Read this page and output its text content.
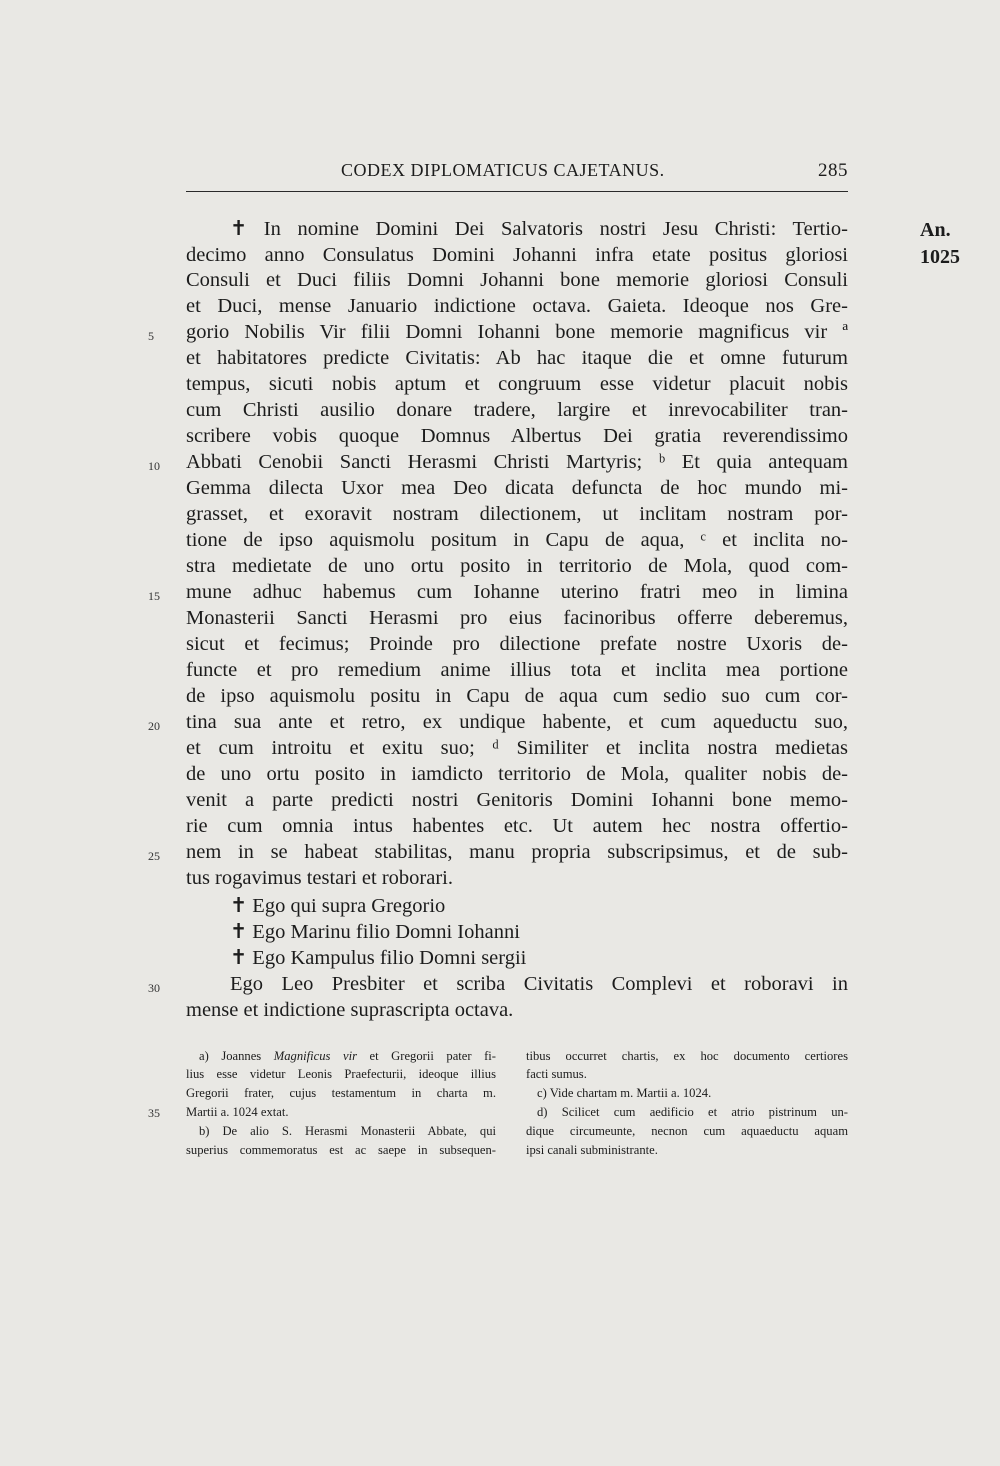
CODEX DIPLOMATICUS CAJETANUS.	285
An.
1025
✝ In nomine Domini Dei Salvatoris nostri Jesu Christi: Tertio-
decimo anno Consulatus Domini Johanni infra etate positus gloriosi
Consuli et Duci filiis Domni Johanni bone memorie gloriosi Consuli
et Duci, mense Januario indictione octava. Gaieta. Ideoque nos Gre-
gorio Nobilis Vir filii Domni Iohanni bone memorie magnificus vir ª
et habitatores predicte Civitatis: Ab hac itaque die et omne futurum
tempus, sicuti nobis aptum et congruum esse videtur placuit nobis
cum Christi ausilio donare tradere, largire et inrevocabiliter tran-
scribere vobis quoque Domnus Albertus Dei gratia reverendissimo
Abbati Cenobii Sancti Herasmi Christi Martyris; ᵇ Et quia antequam
Gemma dilecta Uxor mea Deo dicata defuncta de hoc mundo mi-
grasset, et exoravit nostram dilectionem, ut inclitam nostram por-
tione de ipso aquismolu positum in Capu de aqua, ᶜ et inclita no-
stra medietate de uno ortu posito in territorio de Mola, quod com-
mune adhuc habemus cum Iohanne uterino fratri meo in limina
Monasterii Sancti Herasmi pro eius facinoribus offerre deberemus,
sicut et fecimus; Proinde pro dilectione prefate nostre Uxoris de-
functe et pro remedium anime illius tota et inclita mea portione
de ipso aquismolu positu in Capu de aqua cum sedio suo cum cor-
tina sua ante et retro, ex undique habente, et cum aqueductu suo,
et cum introitu et exitu suo; ᵈ Similiter et inclita nostra medietas
de uno ortu posito in iamdicto territorio de Mola, qualiter nobis de-
venit a parte predicti nostri Genitoris Domini Iohanni bone memo-
rie cum omnia intus habentes etc. Ut autem hec nostra offertio-
nem in se habeat stabilitas, manu propria subscripsimus, et de sub-
tus rogavimus testari et roborari.
✝ Ego qui supra Gregorio
✝ Ego Marinu filio Domni Iohanni
✝ Ego Kampulus filio Domni sergii
Ego Leo Presbiter et scriba Civitatis Complevi et roboravi in
mense et indictione suprascripta octava.
5
10
15
20
25
30
35
a) Joannes Magnificus vir et Gregorii pater fi-
lius esse videtur Leonis Praefecturii, ideoque illius
Gregorii frater, cujus testamentum in charta m.
Martii a. 1024 extat.
b) De alio S. Herasmi Monasterii Abbate, qui
superius commemoratus est ac saepe in subsequen-
tibus occurret chartis, ex hoc documento certiores
facti sumus.
c) Vide chartam m. Martii a. 1024.
d) Scilicet cum aedificio et atrio pistrinum un-
dique circumeunte, necnon cum aquaeductu aquam
ipsi canali subministrante.
